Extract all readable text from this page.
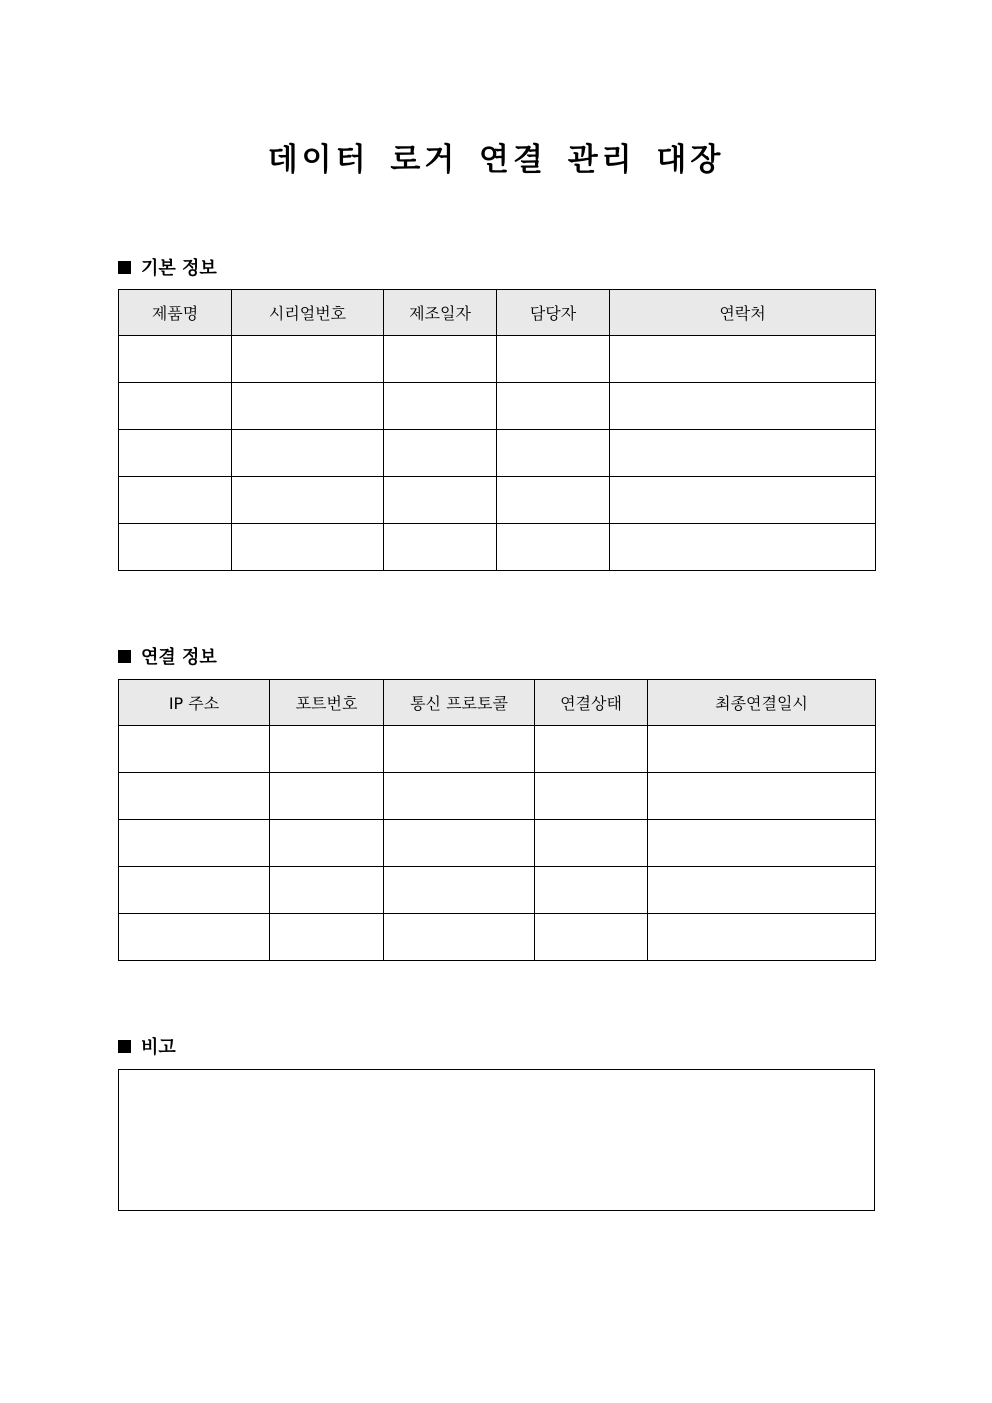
데이터 로거 연결 관리 대장
기본 정보
제품명	시리얼번호	제조일자	담당자	연락처

연결 정보
IP 주소	포트번호	통신 프로토콜	연결상태	최종연결일시

비고
